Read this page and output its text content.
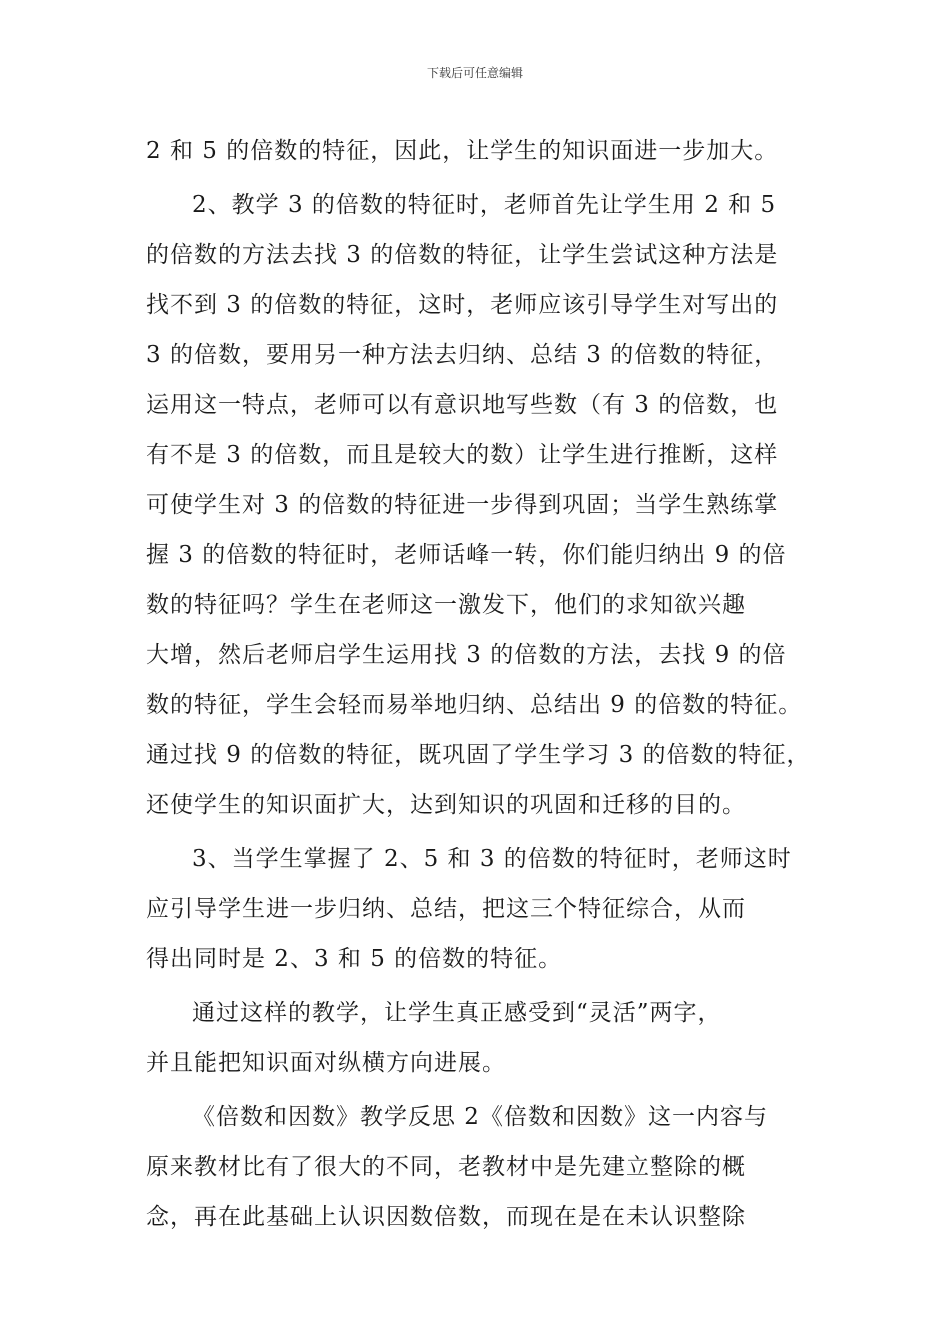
下载后可任意编辑
2 和 5 的倍数的特征，因此，让学生的知识面进一步加大。
2、教学 3 的倍数的特征时，老师首先让学生用 2 和 5
的倍数的方法去找 3 的倍数的特征，让学生尝试这种方法是
找不到 3 的倍数的特征，这时，老师应该引导学生对写出的
3 的倍数，要用另一种方法去归纳、总结 3 的倍数的特征，
运用这一特点，老师可以有意识地写些数（有 3 的倍数，也
有不是 3 的倍数，而且是较大的数）让学生进行推断，这样
可使学生对 3 的倍数的特征进一步得到巩固；当学生熟练掌
握 3 的倍数的特征时，老师话峰一转，你们能归纳出 9 的倍
数的特征吗？学生在老师这一激发下，他们的求知欲兴趣
大增，然后老师启学生运用找 3 的倍数的方法，去找 9 的倍
数的特征，学生会轻而易举地归纳、总结出 9 的倍数的特征。
通过找 9 的倍数的特征，既巩固了学生学习 3 的倍数的特征，
还使学生的知识面扩大，达到知识的巩固和迁移的目的。
3、当学生掌握了 2、5 和 3 的倍数的特征时，老师这时
应引导学生进一步归纳、总结，把这三个特征综合，从而
得出同时是 2、3 和 5 的倍数的特征。
通过这样的教学，让学生真正感受到“灵活”两字，
并且能把知识面对纵横方向进展。
《倍数和因数》教学反思 2《倍数和因数》这一内容与
原来教材比有了很大的不同，老教材中是先建立整除的概
念，再在此基础上认识因数倍数，而现在是在未认识整除
